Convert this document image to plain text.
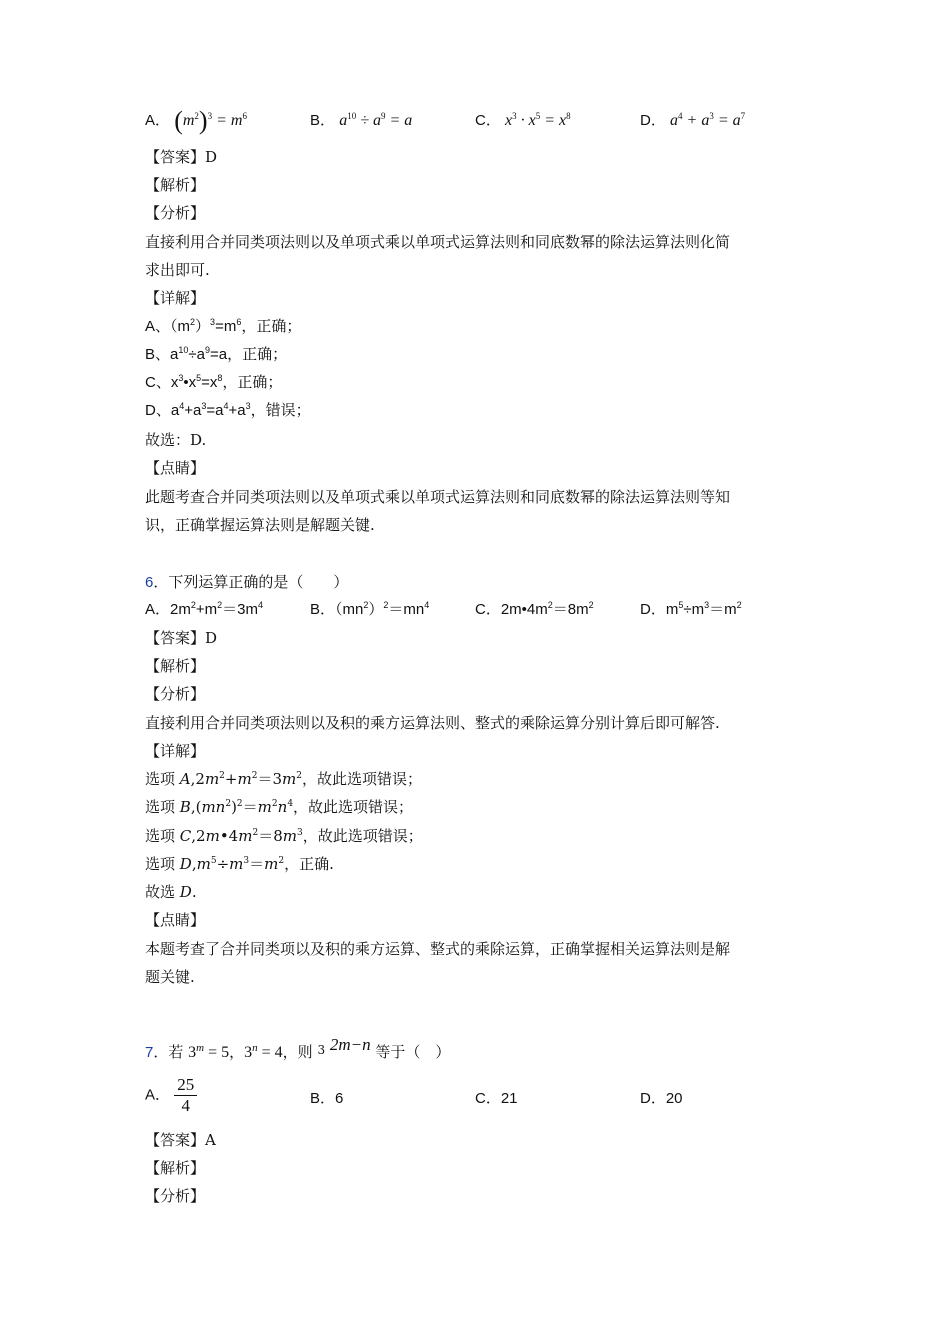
A． $(m^2)^3 = m^6$	B． $a^{10} \div a^9 = a$	C． $x^3 \cdot x^5 = x^8$	D． $a^4 + a^3 = a^7$
【答案】D
【解析】
【分析】
直接利用合并同类项法则以及单项式乘以单项式运算法则和同底数幂的除法运算法则化简
求出即可.
【详解】
A、$(m^2)^3=m^6$，正确；
B、$a^{10}\div a^9=a$，正确；
C、$x^3•x^5=x^8$，正确；
D、$a^4+a^3=a^4+a^3$，错误；
故选：D.
【点睛】
此题考查合并同类项法则以及单项式乘以单项式运算法则和同底数幂的除法运算法则等知
识，正确掌握运算法则是解题关键.
6．下列运算正确的是（　　）
A．$2m^2+m^2=3m^4$	B．$(mn^2)^2=mn^4$	C．$2m•4m^2=8m^2$	D．$m^5\div m^3=m^2$
【答案】D
【解析】
【分析】
直接利用合并同类项法则以及积的乘方运算法则、整式的乘除运算分别计算后即可解答.
【详解】
选项 $A,2m^2+m^2=3m^2$，故此选项错误；
选项 $B,(mn^2)^2=m^2n^4$，故此选项错误；
选项 $C,2m•4m^2=8m^3$，故此选项错误；
选项 $D,m^5\div m^3=m^2$，正确.
故选 D.
【点睛】
本题考查了合并同类项以及积的乘方运算、整式的乘除运算，正确掌握相关运算法则是解
题关键.
7．若 $3^m = 5$，$3^n = 4$，则 $^3$ 2m−n 等于（　）
A． $\frac{25}{4}$	B．6	C．21	D．20
【答案】A
【解析】
【分析】
